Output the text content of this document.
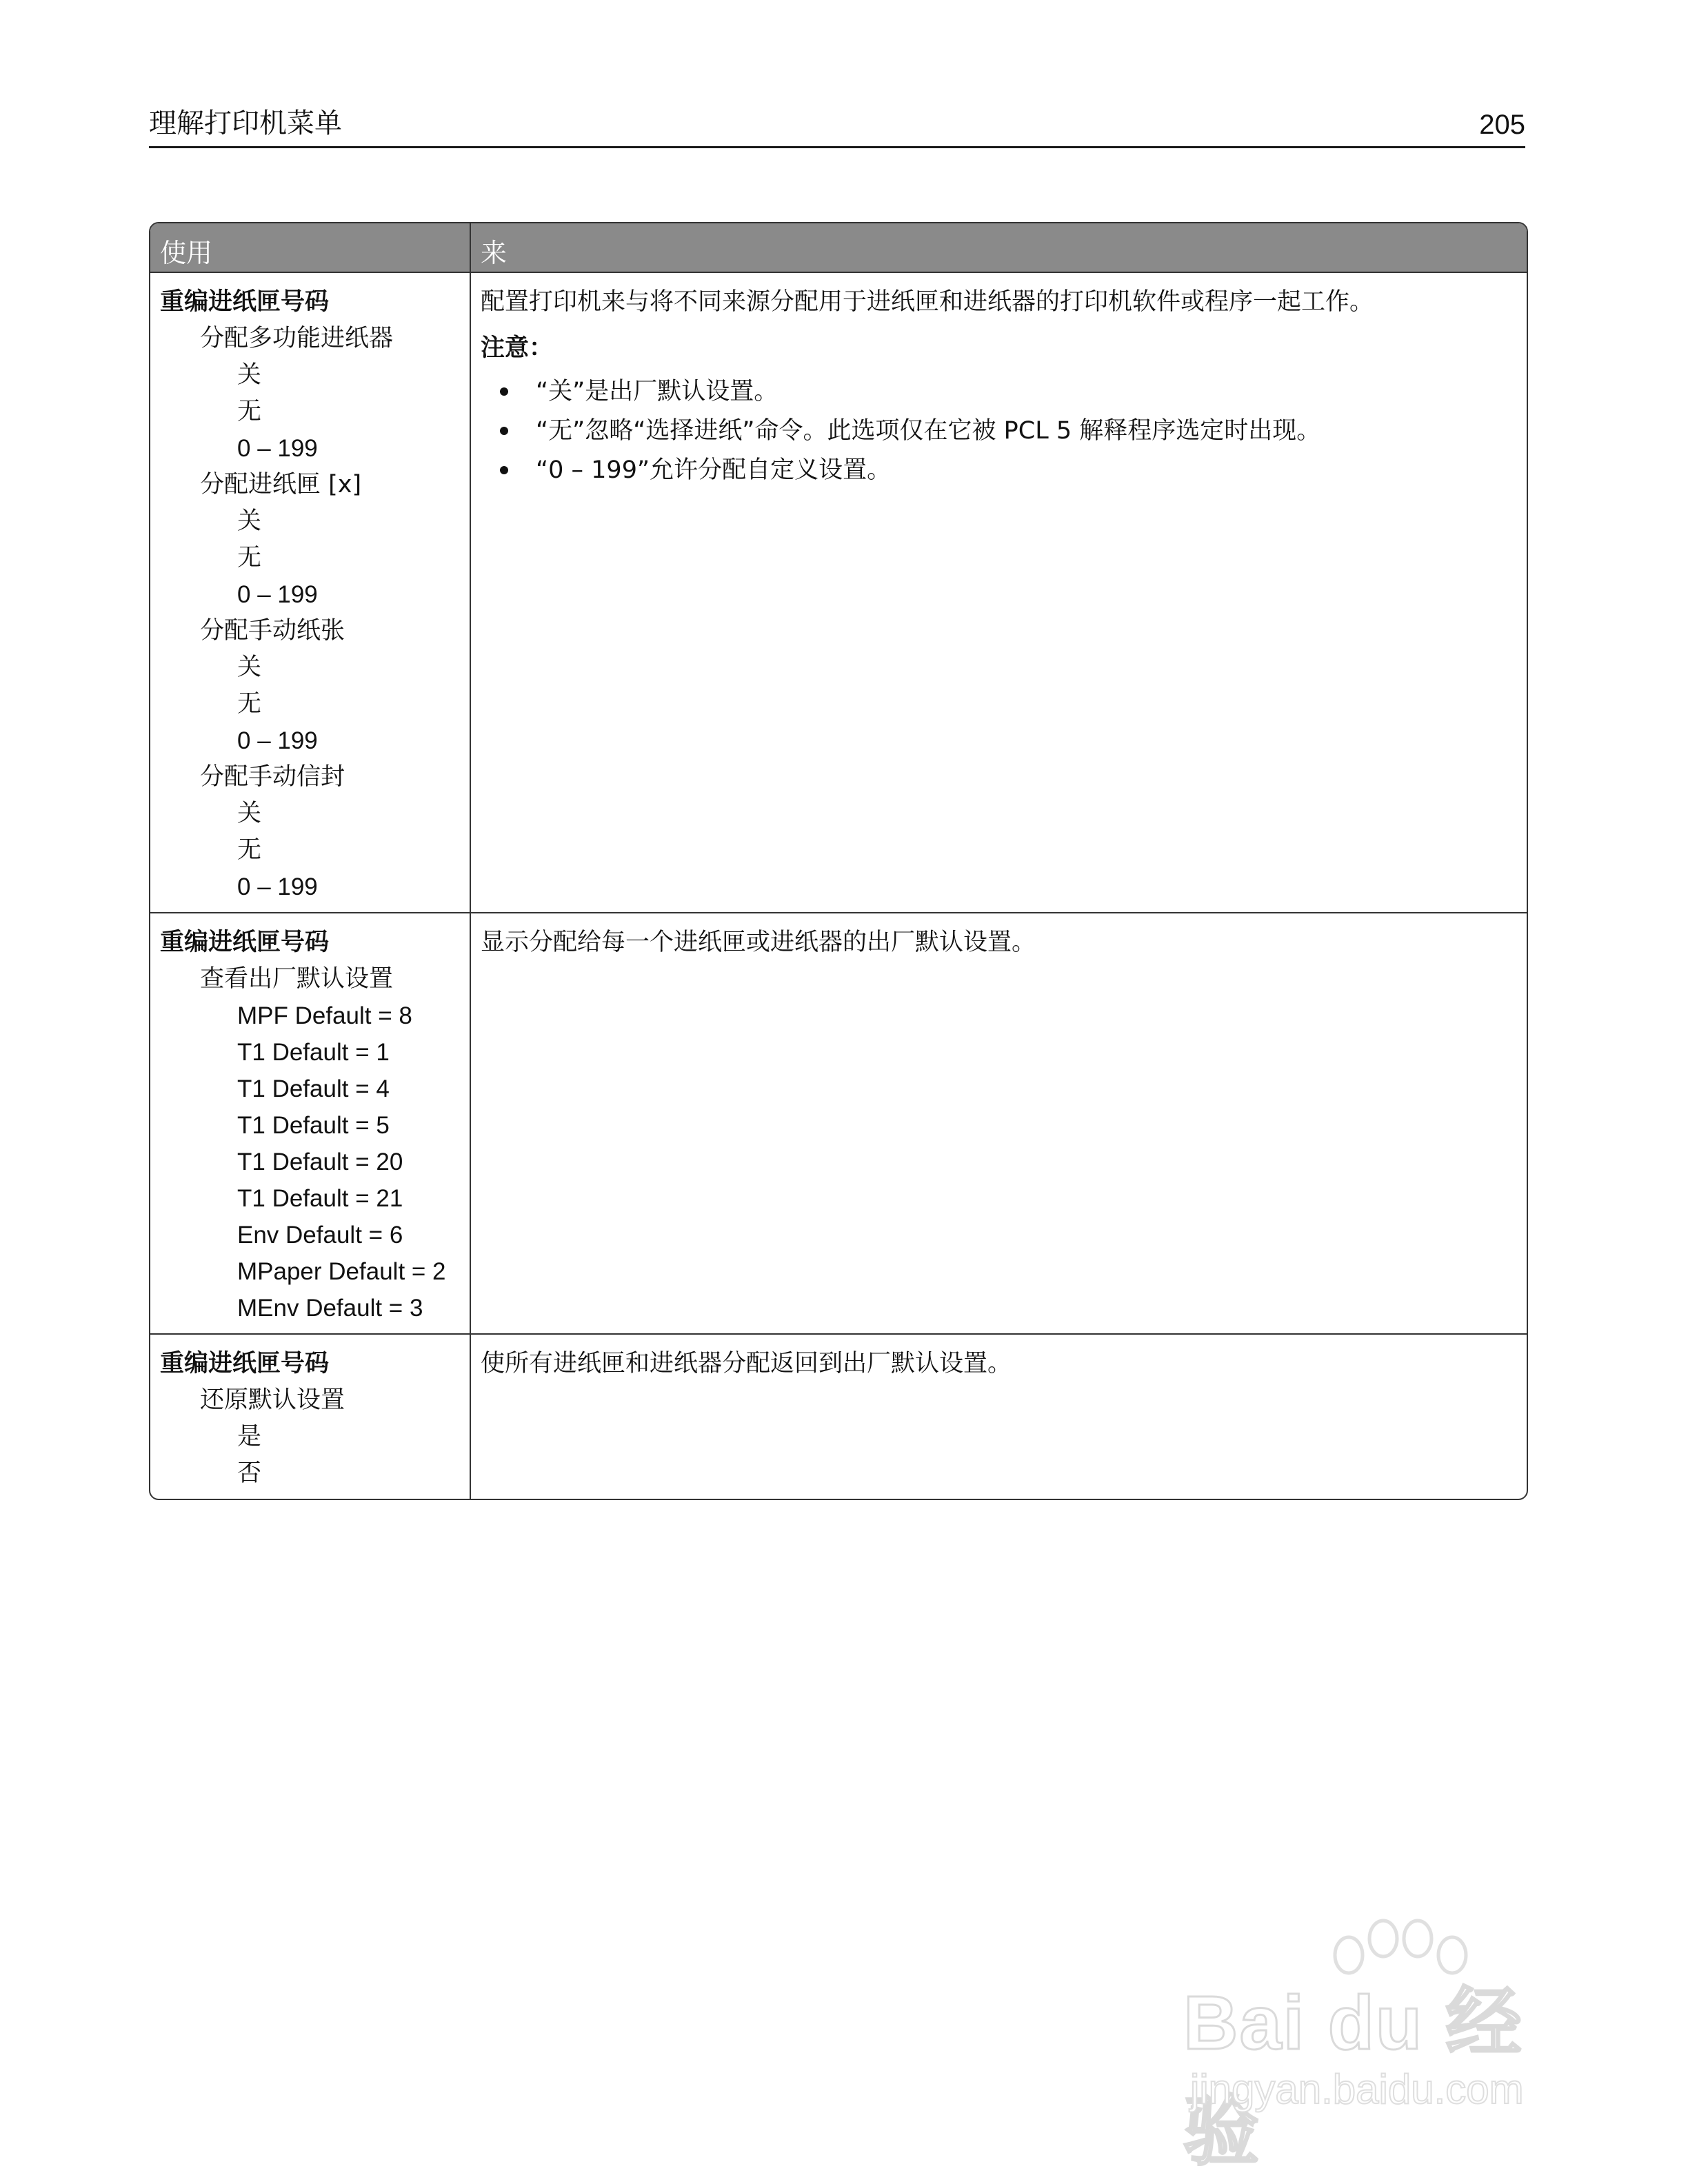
理解打印机菜单	205
使用	来
重编进纸匣号码
分配多功能进纸器
关
无
0 – 199
分配进纸匣 [x]
关
无
0 – 199
分配手动纸张
关
无
0 – 199
分配手动信封
关
无
0 – 199

配置打印机来与将不同来源分配用于进纸匣和进纸器的打印机软件或程序一起工作。

注意：
“关”是出厂默认设置。
“无”忽略“选择进纸”命令。此选项仅在它被 PCL 5 解释程序选定时出现。
“0 – 199”允许分配自定义设置。
重编进纸匣号码
查看出厂默认设置
MPF Default = 8
T1 Default = 1
T1 Default = 4
T1 Default = 5
T1 Default = 20
T1 Default = 21
Env Default = 6
MPaper Default = 2
MEnv Default = 3

显示分配给每一个进纸匣或进纸器的出厂默认设置。

重编进纸匣号码
还原默认设置
是
否

使所有进纸匣和进纸器分配返回到出厂默认设置。

Bai du 经验
jingyan.baidu.com
